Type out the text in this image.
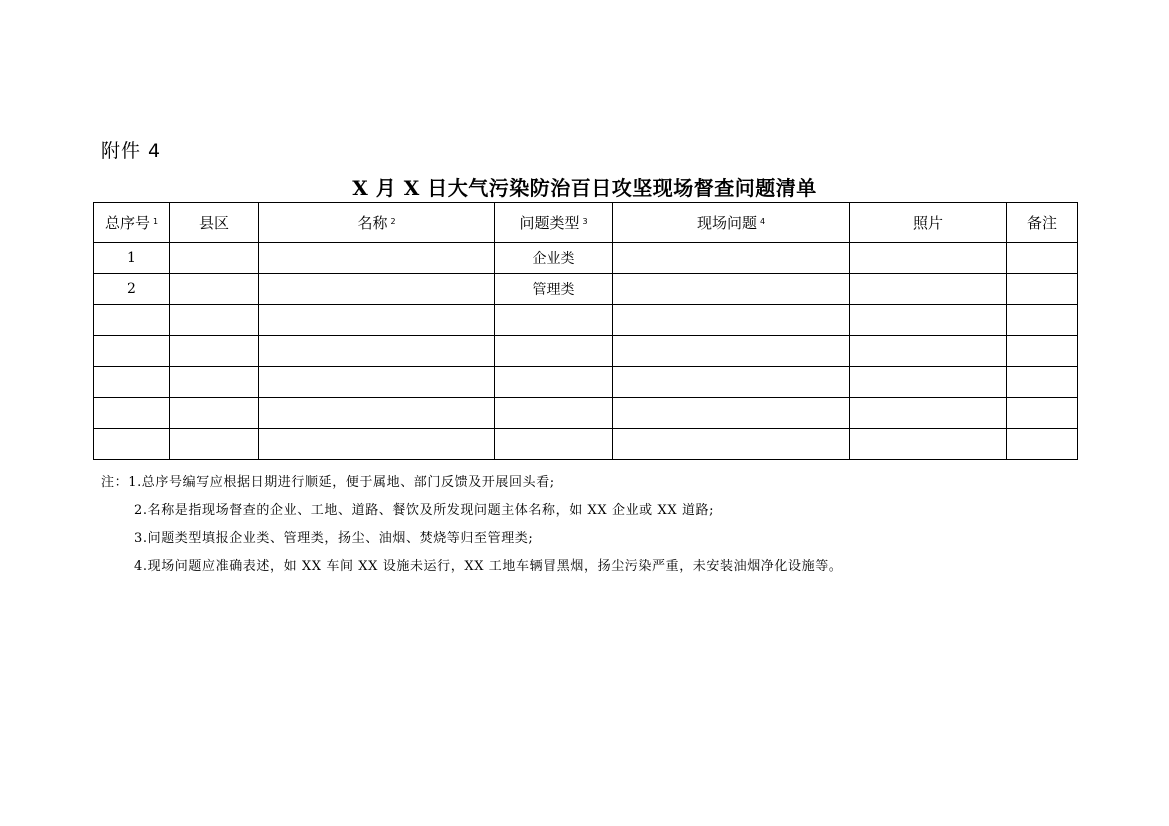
附件 4
X 月 X 日大气污染防治百日攻坚现场督查问题清单
总序号 $^1$	县区	名称 $^2$	问题类型 $^3$	现场问题 $^4$	照片	备注
1			企业类			
2			管理类			

注：1.总序号编写应根据日期进行顺延，便于属地、部门反馈及开展回头看;
2.名称是指现场督查的企业、工地、道路、餐饮及所发现问题主体名称，如 XX 企业或 XX 道路;
3.问题类型填报企业类、管理类，扬尘、油烟、焚烧等归至管理类;
4.现场问题应准确表述，如 XX 车间 XX 设施未运行，XX 工地车辆冒黑烟，扬尘污染严重，未安装油烟净化设施等。
